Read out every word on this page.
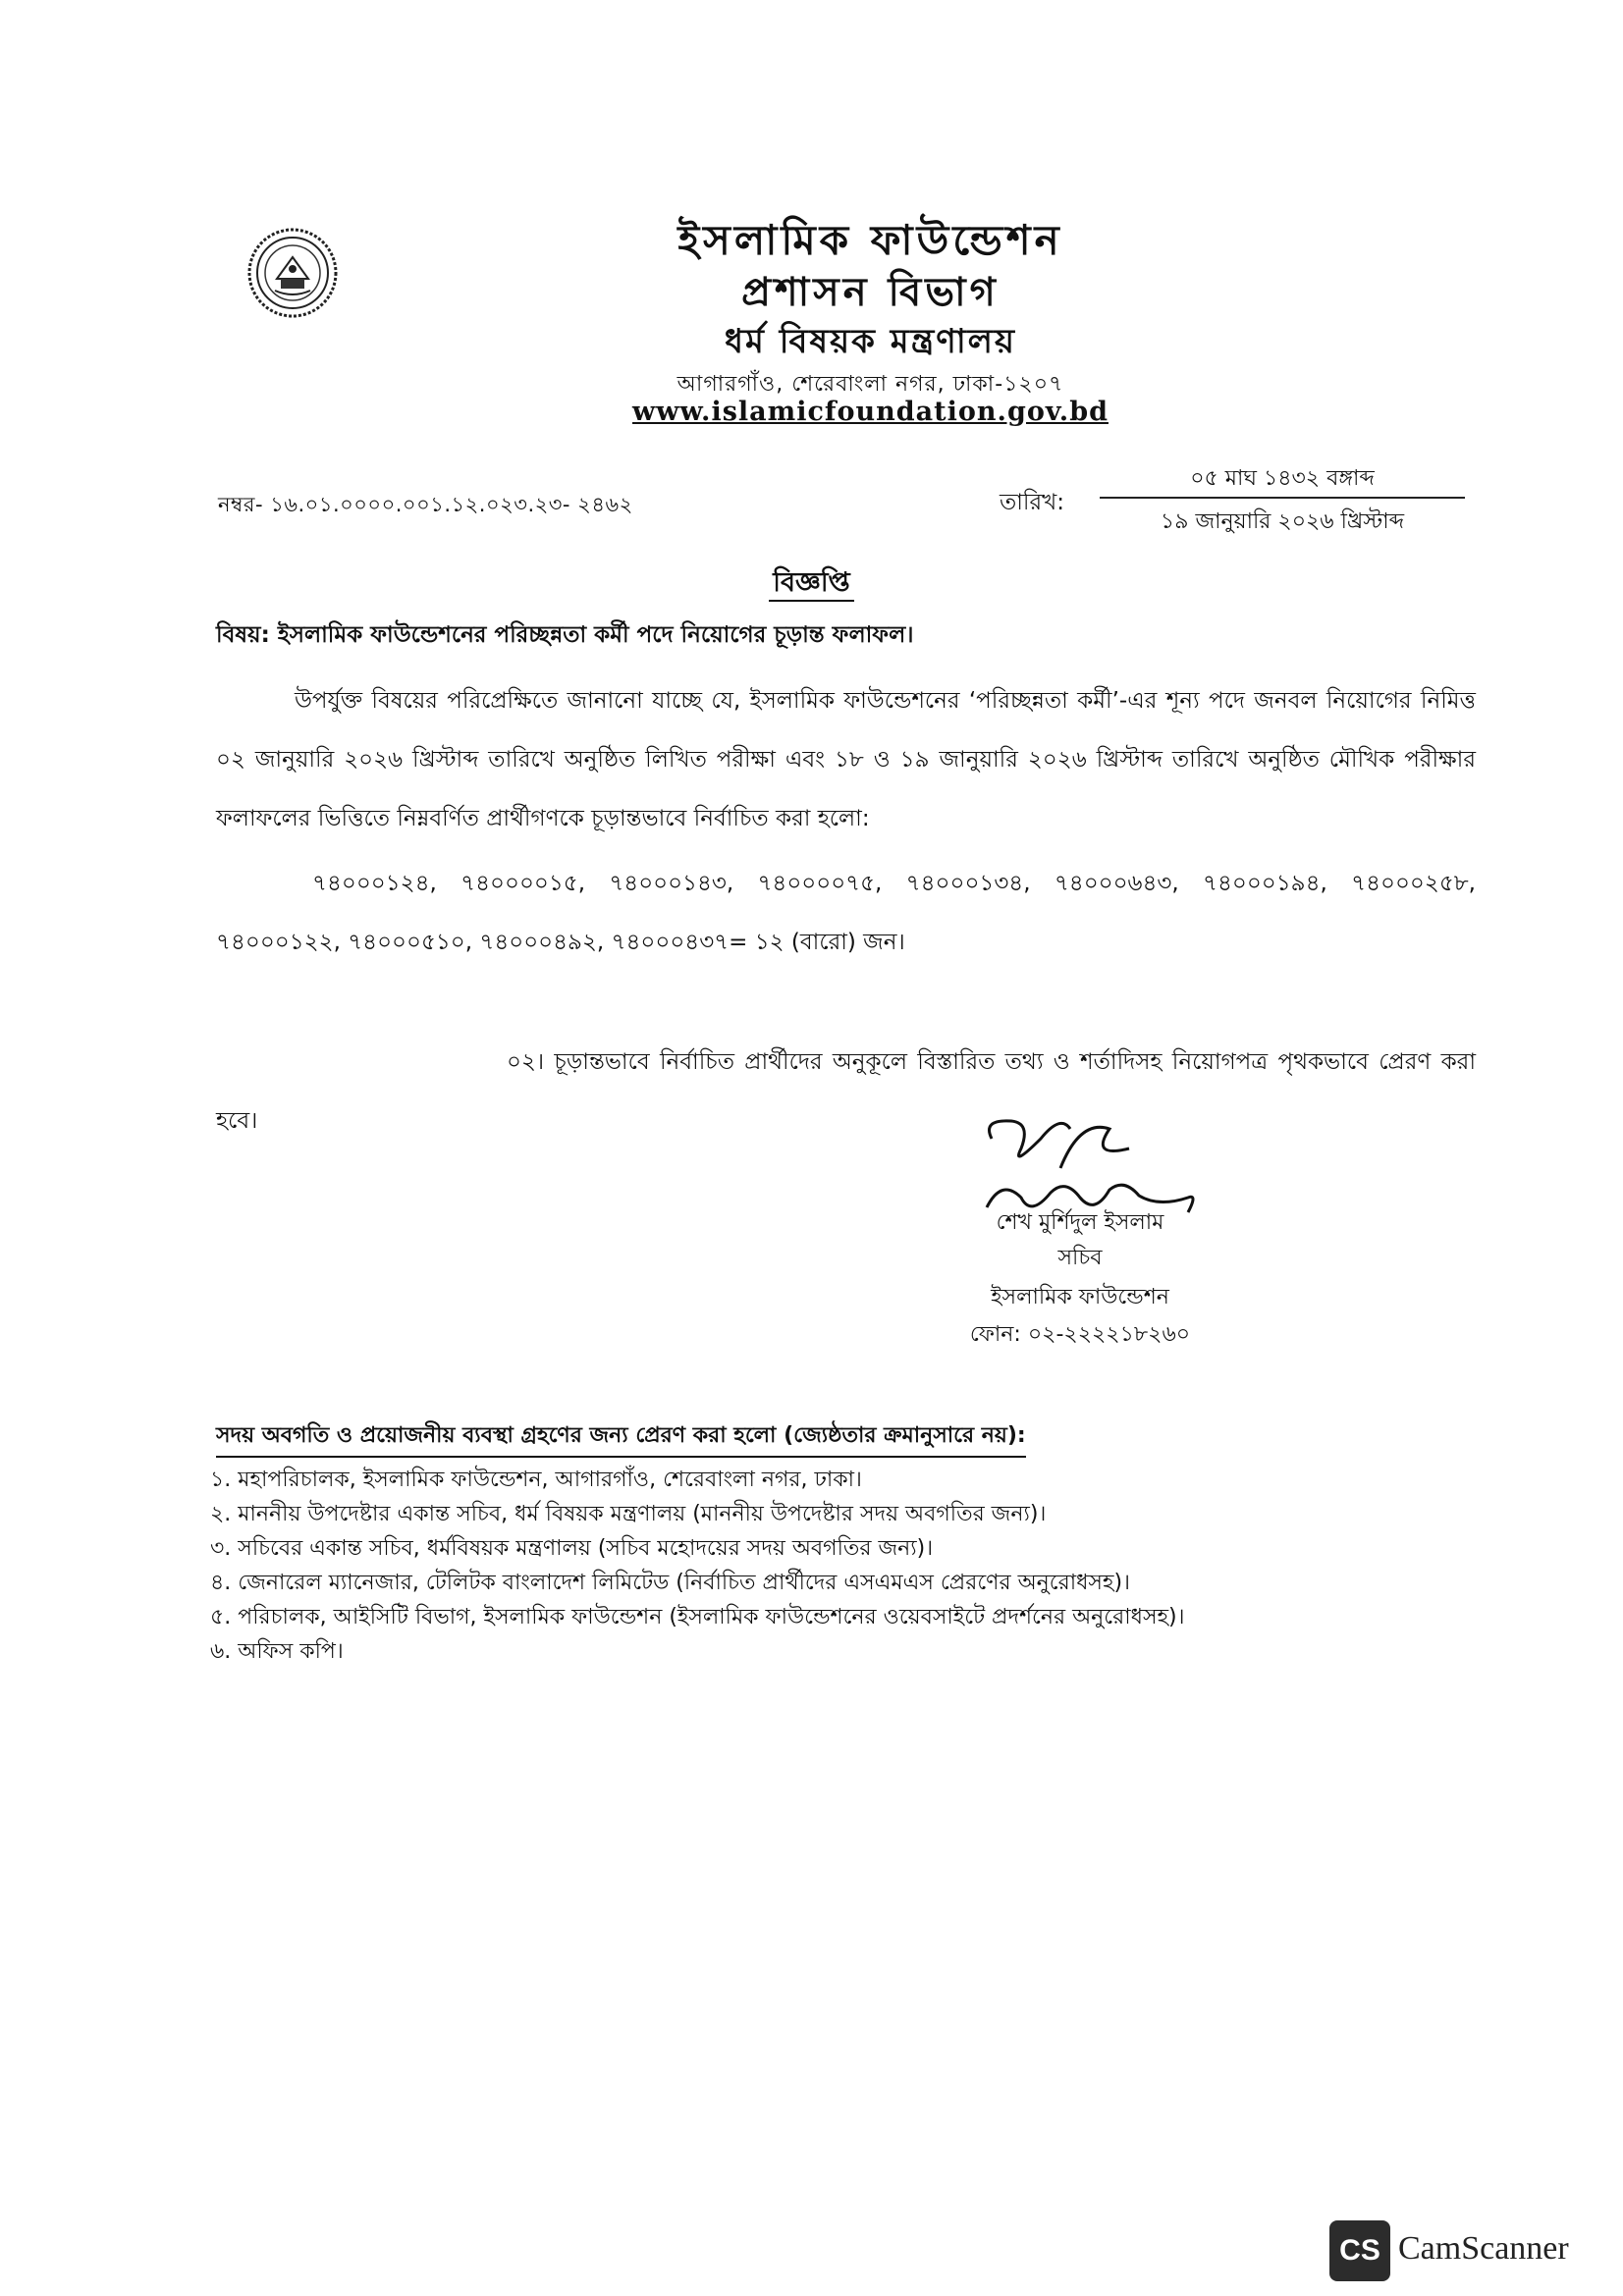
ইসলামিক ফাউন্ডেশন
প্রশাসন বিভাগ
ধর্ম বিষয়ক মন্ত্রণালয়
আগারগাঁও, শেরেবাংলা নগর, ঢাকা-১২০৭
www.islamicfoundation.gov.bd
নম্বর- ১৬.০১.০০০০.০০১.১২.০২৩.২৩- ২৪৬২	তারিখ:
০৫ মাঘ ১৪৩২ বঙ্গাব্দ
১৯ জানুয়ারি ২০২৬ খ্রিস্টাব্দ
বিজ্ঞপ্তি
বিষয়: ইসলামিক ফাউন্ডেশনের পরিচ্ছন্নতা কর্মী পদে নিয়োগের চূড়ান্ত ফলাফল।
উপর্যুক্ত বিষয়ের পরিপ্রেক্ষিতে জানানো যাচ্ছে যে, ইসলামিক ফাউন্ডেশনের ‘পরিচ্ছন্নতা কর্মী’-এর শূন্য পদে জনবল নিয়োগের নিমিত্ত ০২ জানুয়ারি ২০২৬ খ্রিস্টাব্দ তারিখে অনুষ্ঠিত লিখিত পরীক্ষা এবং ১৮ ও ১৯ জানুয়ারি ২০২৬ খ্রিস্টাব্দ তারিখে অনুষ্ঠিত মৌখিক পরীক্ষার ফলাফলের ভিত্তিতে নিম্নবর্ণিত প্রার্থীগণকে চূড়ান্তভাবে নির্বাচিত করা হলো:
৭৪০০০১২৪, ৭৪০০০০১৫, ৭৪০০০১৪৩, ৭৪০০০০৭৫, ৭৪০০০১৩৪, ৭৪০০০৬৪৩, ৭৪০০০১৯৪, ৭৪০০০২৫৮, ৭৪০০০১২২, ৭৪০০০৫১০, ৭৪০০০৪৯২, ৭৪০০০৪৩৭= ১২ (বারো) জন।
০২। চূড়ান্তভাবে নির্বাচিত প্রার্থীদের অনুকূলে বিস্তারিত তথ্য ও শর্তাদিসহ নিয়োগপত্র পৃথকভাবে প্রেরণ করা হবে।
শেখ মুর্শিদুল ইসলাম
সচিব
ইসলামিক ফাউন্ডেশন
ফোন: ০২-২২২২১৮২৬০
সদয় অবগতি ও প্রয়োজনীয় ব্যবস্থা গ্রহণের জন্য প্রেরণ করা হলো (জ্যেষ্ঠতার ক্রমানুসারে নয়):
১. মহাপরিচালক, ইসলামিক ফাউন্ডেশন, আগারগাঁও, শেরেবাংলা নগর, ঢাকা।
২. মাননীয় উপদেষ্টার একান্ত সচিব, ধর্ম বিষয়ক মন্ত্রণালয় (মাননীয় উপদেষ্টার সদয় অবগতির জন্য)।
৩. সচিবের একান্ত সচিব, ধর্মবিষয়ক মন্ত্রণালয় (সচিব মহোদয়ের সদয় অবগতির জন্য)।
৪. জেনারেল ম্যানেজার, টেলিটক বাংলাদেশ লিমিটেড (নির্বাচিত প্রার্থীদের এসএমএস প্রেরণের অনুরোধসহ)।
৫. পরিচালক, আইসিটি বিভাগ, ইসলামিক ফাউন্ডেশন (ইসলামিক ফাউন্ডেশনের ওয়েবসাইটে প্রদর্শনের অনুরোধসহ)।
৬. অফিস কপি।
CS CamScanner
